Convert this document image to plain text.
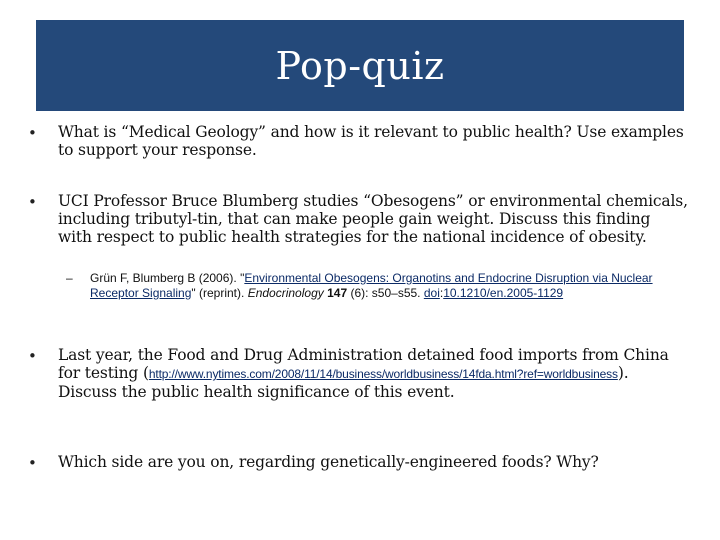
Pop-quiz
•	What is “Medical Geology” and how is it relevant to public health? Use examples to support your response.
•	UCI Professor Bruce Blumberg studies “Obesogens” or environmental chemicals, including tributyl-tin, that can make people gain weight. Discuss this finding with respect to public health strategies for the national incidence of obesity.
–	Grün F, Blumberg B (2006). "Environmental Obesogens: Organotins and Endocrine Disruption via Nuclear Receptor Signaling" (reprint). Endocrinology 147 (6): s50–s55. doi:10.1210/en.2005-1129
•	Last year, the Food and Drug Administration detained food imports from China for testing (http://www.nytimes.com/2008/11/14/business/worldbusiness/14fda.html?ref=worldbusiness). Discuss the public health significance of this event.
•	Which side are you on, regarding genetically-engineered foods? Why?
